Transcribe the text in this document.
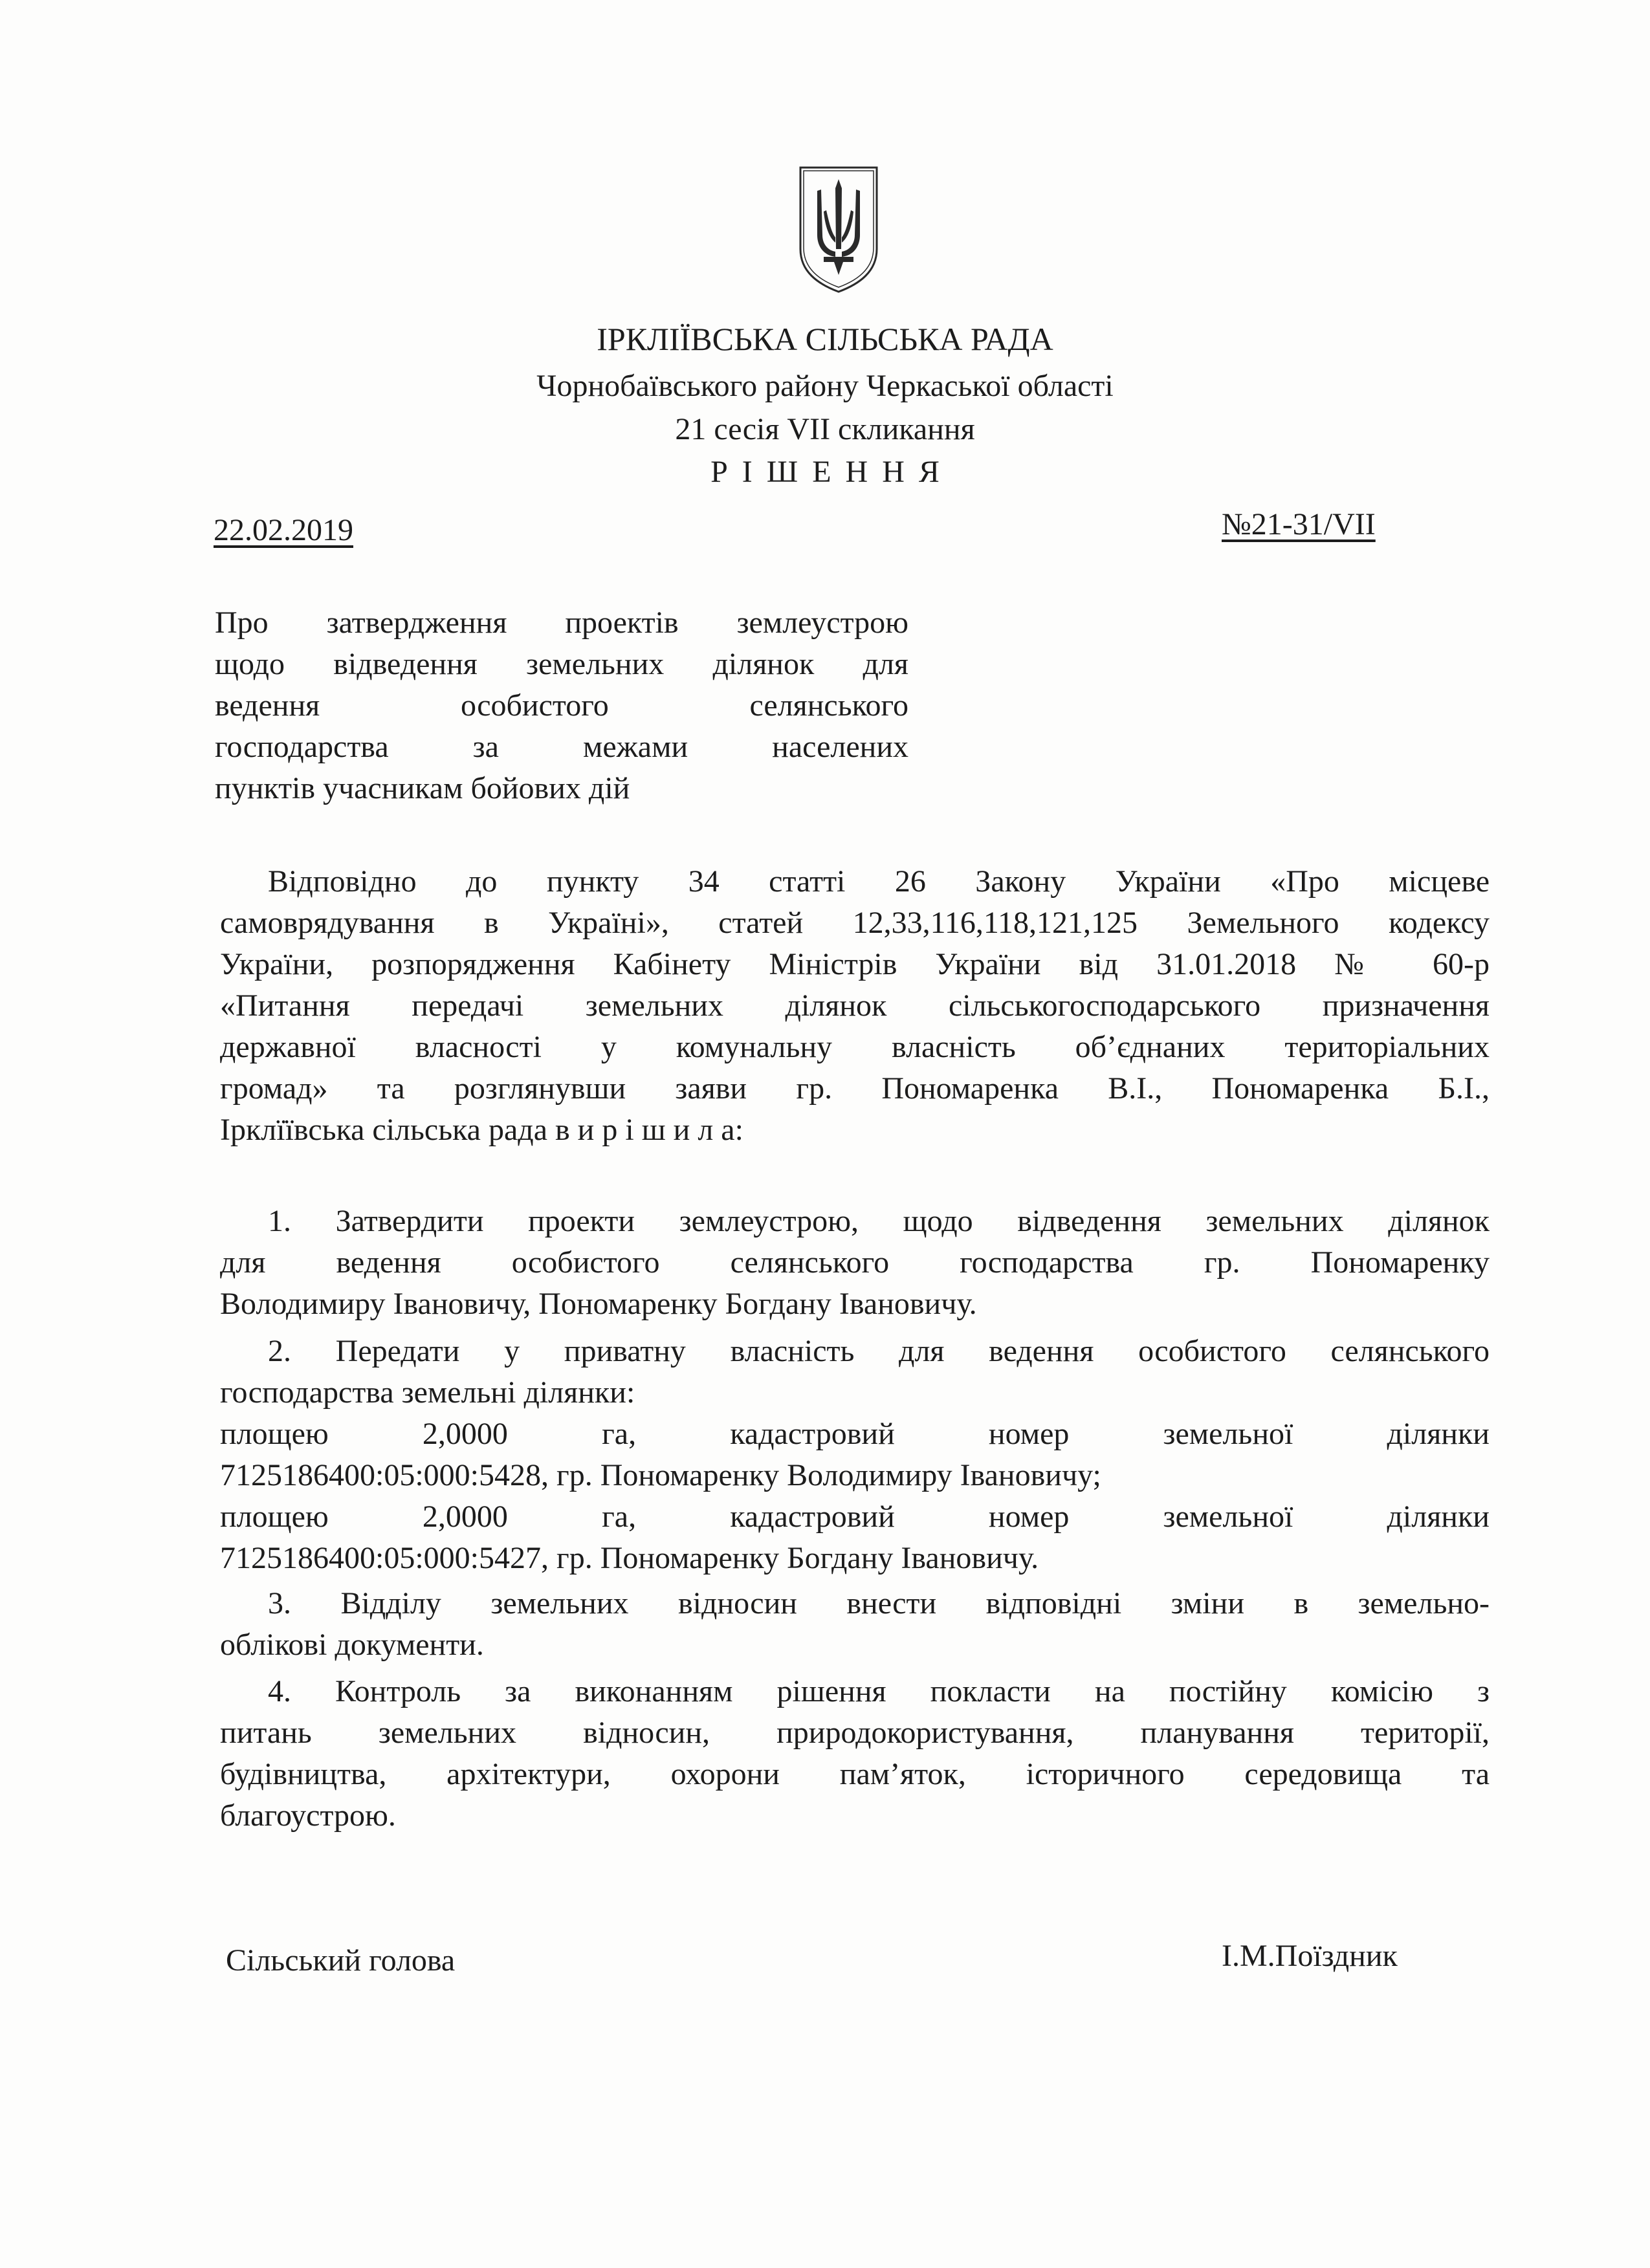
ІРКЛІЇВСЬКА СІЛЬСЬКА РАДА
Чорнобаївського району Черкаської області
21 сесія VII скликання
РІШЕННЯ
22.02.2019	№21-31/VII
Про затвердження проектів землеустрою
щодо відведення земельних ділянок для
ведення особистого селянського
господарства за межами населених
пунктів учасникам бойових дій
Відповідно до пункту 34 статті 26 Закону України «Про місцеве
самоврядування в Україні», статей 12,33,116,118,121,125 Земельного кодексу
України, розпорядження Кабінету Міністрів України від 31.01.2018 № 60-р
«Питання передачі земельних ділянок сільськогосподарського призначення
державної власності у комунальну власність об’єднаних територіальних
громад» та розглянувши заяви гр. Пономаренка В.І., Пономаренка Б.І.,
Ірклїївська сільська рада в и р і ш и л а:
1. Затвердити проекти землеустрою, щодо відведення земельних ділянок
для ведення особистого селянського господарства гр. Пономаренку
Володимиру Івановичу, Пономаренку Богдану Івановичу.
2. Передати у приватну власність для ведення особистого селянського
господарства земельні ділянки:
площею 2,0000 га, кадастровий номер земельної ділянки
7125186400:05:000:5428, гр. Пономаренку Володимиру Івановичу;
площею 2,0000 га, кадастровий номер земельної ділянки
7125186400:05:000:5427, гр. Пономаренку Богдану Івановичу.
3. Відділу земельних відносин внести відповідні зміни в земельно-
облікові документи.
4. Контроль за виконанням рішення покласти на постійну комісію з
питань земельних відносин, природокористування, планування території,
будівництва, архітектури, охорони пам’яток, історичного середовища та
благоустрою.
Сільський голова	І.М.Поїздник
